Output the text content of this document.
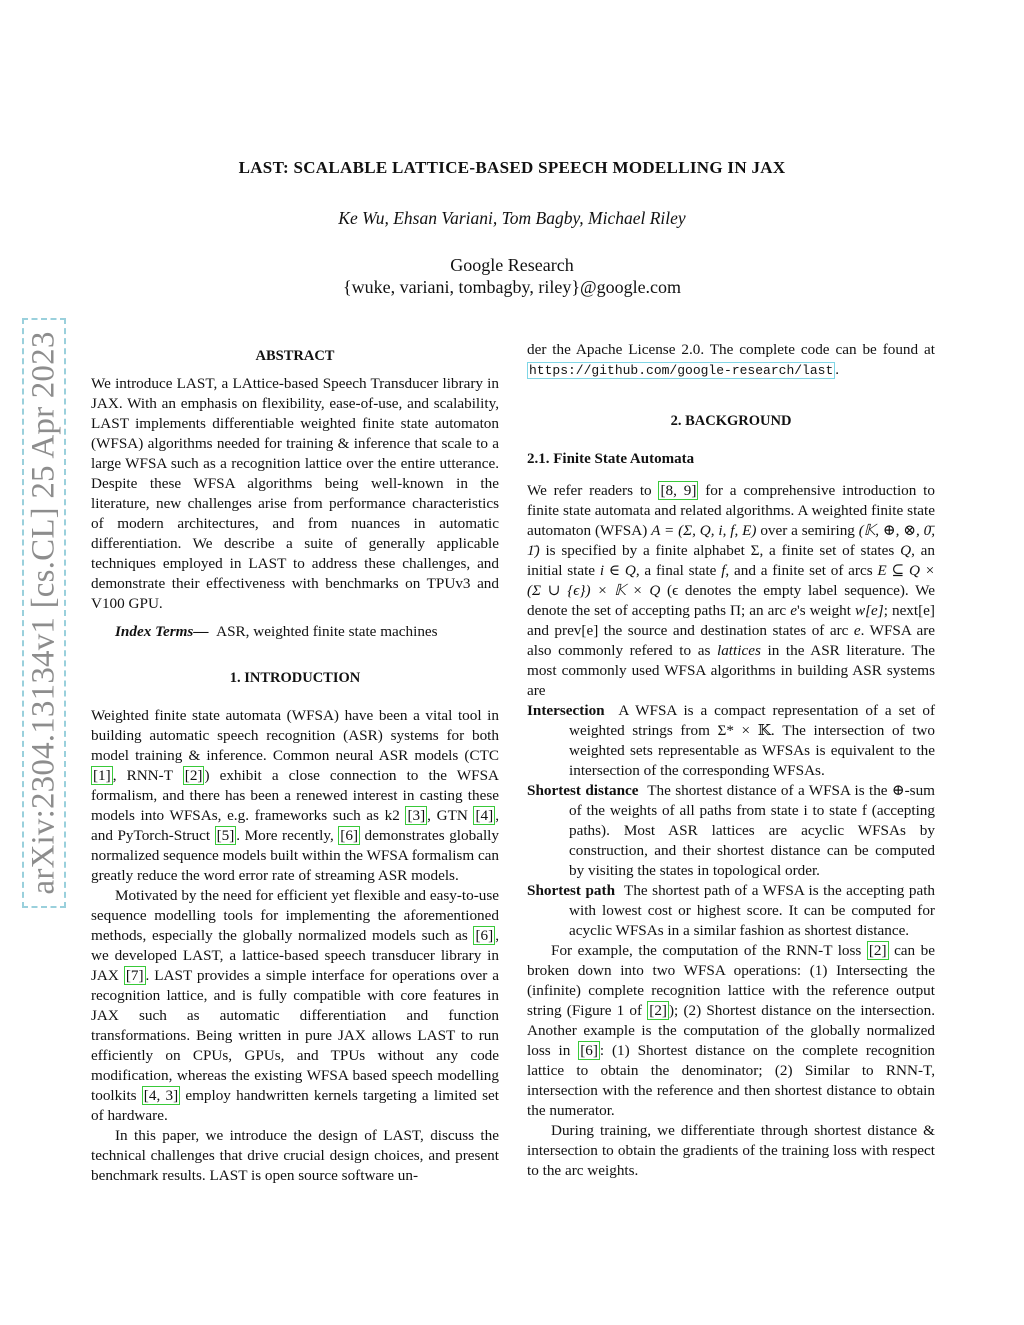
arXiv:2304.13134v1 [cs.CL] 25 Apr 2023
LAST: SCALABLE LATTICE-BASED SPEECH MODELLING IN JAX
Ke Wu, Ehsan Variani, Tom Bagby, Michael Riley
Google Research
{wuke, variani, tombagby, riley}@google.com

ABSTRACT

We introduce LAST, a LAttice-based Speech Transducer library in JAX. With an emphasis on flexibility, ease-of-use, and scalability, LAST implements differentiable weighted finite state automaton (WFSA) algorithms needed for training & inference that scale to a large WFSA such as a recognition lattice over the entire utterance. Despite these WFSA algorithms being well-known in the literature, new challenges arise from performance characteristics of modern architectures, and from nuances in automatic differentiation. We describe a suite of generally applicable techniques employed in LAST to address these challenges, and demonstrate their effectiveness with benchmarks on TPUv3 and V100 GPU.

Index Terms— ASR, weighted finite state machines

1. INTRODUCTION

Weighted finite state automata (WFSA) have been a vital tool in building automatic speech recognition (ASR) systems for both model training & inference. Common neural ASR models (CTC [1] , RNN-T [2] ) exhibit a close connection to the WFSA formalism, and there has been a renewed interest in casting these models into WFSAs, e.g. frameworks such as k2 [3] , GTN [4] , and PyTorch-Struct [5] . More recently, [6] demonstrates globally normalized sequence models built within the WFSA formalism can greatly reduce the word error rate of streaming ASR models.

Motivated by the need for efficient yet flexible and easy-to-use sequence modelling tools for implementing the aforementioned methods, especially the globally normalized models such as [6] , we developed LAST, a lattice-based speech transducer library in JAX [7] . LAST provides a simple interface for operations over a recognition lattice, and is fully compatible with core features in JAX such as automatic differentiation and function transformations. Being written in pure JAX allows LAST to run efficiently on CPUs, GPUs, and TPUs without any code modification, whereas the existing WFSA based speech modelling toolkits [4, 3] employ handwritten kernels targeting a limited set of hardware.

In this paper, we introduce the design of LAST, discuss the technical challenges that drive crucial design choices, and present benchmark results. LAST is open source software un-

der the Apache License 2.0. The complete code can be found at https://github.com/google-research/last .

2. BACKGROUND

2.1. Finite State Automata

We refer readers to [8, 9] for a comprehensive introduction to finite state automata and related algorithms. A weighted finite state automaton (WFSA) A = (Σ, Q, i, f, E) over a semiring (𝕂, ⊕, ⊗, 0̄, 1̄) is specified by a finite alphabet Σ, a finite set of states Q, an initial state i ∈ Q, a final state f, and a finite set of arcs E ⊆ Q × (Σ ∪ {ϵ}) × 𝕂 × Q (ϵ denotes the empty label sequence). We denote the set of accepting paths Π; an arc e's weight w[e]; next[e] and prev[e] the source and destination states of arc e. WFSA are also commonly refered to as lattices in the ASR literature. The most commonly used WFSA algorithms in building ASR systems are

Intersection A WFSA is a compact representation of a set of weighted strings from Σ* × 𝕂. The intersection of two weighted sets representable as WFSAs is equivalent to the intersection of the corresponding WFSAs.

Shortest distance The shortest distance of a WFSA is the ⊕-sum of the weights of all paths from state i to state f (accepting paths). Most ASR lattices are acyclic WFSAs by construction, and their shortest distance can be computed by visiting the states in topological order.

Shortest path The shortest path of a WFSA is the accepting path with lowest cost or highest score. It can be computed for acyclic WFSAs in a similar fashion as shortest distance.

For example, the computation of the RNN-T loss [2] can be broken down into two WFSA operations: (1) Intersecting the (infinite) complete recognition lattice with the reference output string (Figure 1 of [2] ); (2) Shortest distance on the intersection. Another example is the computation of the globally normalized loss in [6] : (1) Shortest distance on the complete recognition lattice to obtain the denominator; (2) Similar to RNN-T, intersection with the reference and then shortest distance to obtain the numerator.

During training, we differentiate through shortest distance & intersection to obtain the gradients of the training loss with respect to the arc weights.
